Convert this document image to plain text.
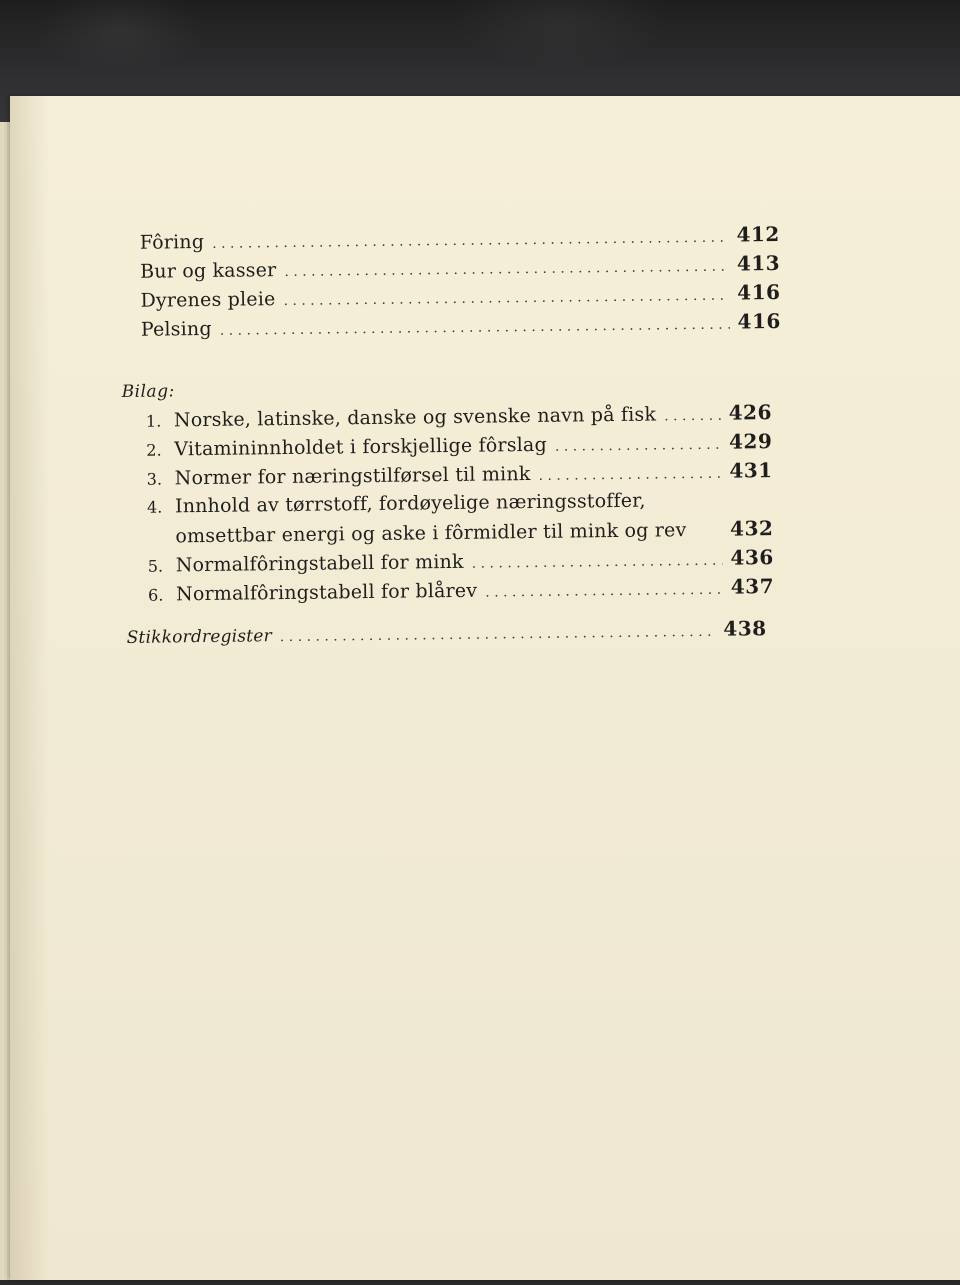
Fôring . . .	412
Bur og kasser . . .	413
Dyrenes pleie . . .	416
Pelsing . . .	416
Bilag:
1. Norske, latinske, danske og svenske navn på fisk . . .	426
2. Vitamininnholdet i forskjellige fôrslag . . .	429
3. Normer for næringstilførsel til mink . . .	431
4. Innhold av tørrstoff, fordøyelige næringsstoffer,
omsettbar energi og aske i fôrmidler til mink og rev 432
5. Normalfôringstabell for mink . . .	436
6. Normalfôringstabell for blårev . . .	437
Stikkordregister . . .	438
